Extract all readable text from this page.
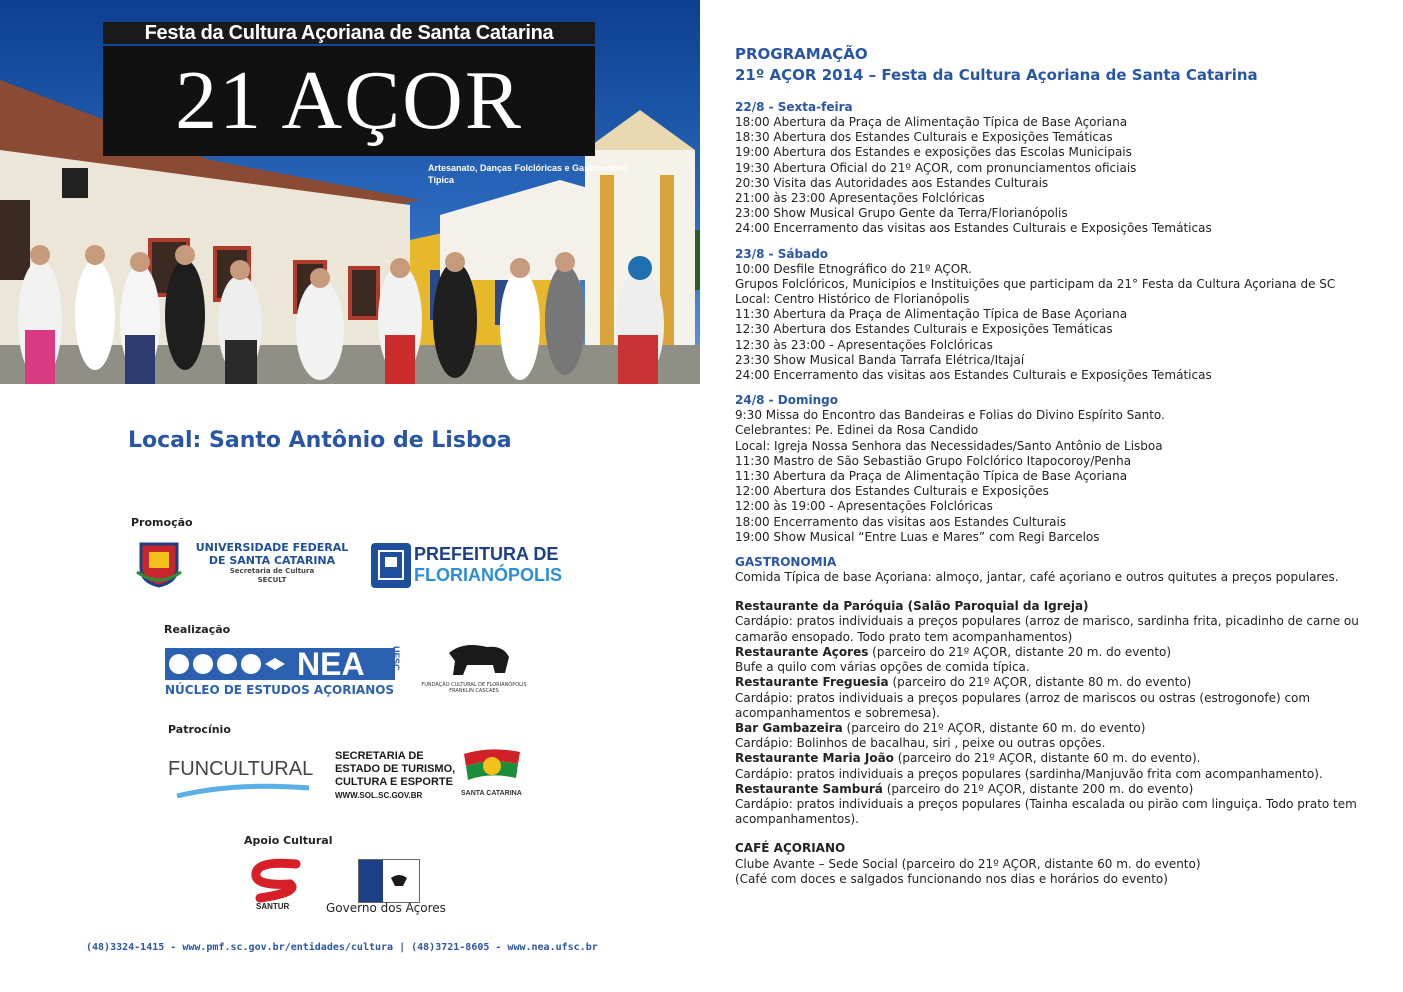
Festa da Cultura Açoriana de Santa Catarina
21 AÇOR
Artesanato, Danças Folclóricas e Gastronomia Típica
Local: Santo Antônio de Lisboa
Promoção
UNIVERSIDADE FEDERAL
DE SANTA CATARINA
Secretaria de Cultura
SECULT
PREFEITURA DE
FLORIANÓPOLIS
Realização
NEA	UFSC
NÚCLEO DE ESTUDOS AÇORIANOS	FUNDAÇÃO CULTURAL DE FLORIANÓPOLIS FRANKLIN CASCAES
Patrocínio
FUNCULTURAL
SECRETARIA DE
ESTADO DE TURISMO,
CULTURA E ESPORTE
WWW.SOL.SC.GOV.BR	SANTA CATARINA
Apoio Cultural
SANTUR	Governo dos Açores
(48)3324-1415 - www.pmf.sc.gov.br/entidades/cultura | (48)3721-8605 - www.nea.ufsc.br
PROGRAMAÇÃO
21º AÇOR 2014 – Festa da Cultura Açoriana de Santa Catarina
22/8 - Sexta-feira
18:00 Abertura da Praça de Alimentação Típica de Base Açoriana
18:30 Abertura dos Estandes Culturais e Exposições Temáticas
19:00 Abertura dos Estandes e exposições das Escolas Municipais
19:30 Abertura Oficial do 21º AÇOR, com pronunciamentos oficiais
20:30 Visita das Autoridades aos Estandes Culturais
21:00 às 23:00 Apresentações Folclóricas
23:00 Show Musical Grupo Gente da Terra/Florianópolis
24:00 Encerramento das visitas aos Estandes Culturais e Exposições Temáticas
23/8 - Sábado
10:00 Desfile Etnográfico do 21º AÇOR.
Grupos Folclóricos, Municipios e Instituições que participam da 21° Festa da Cultura Açoriana de SC
Local: Centro Histórico de Florianópolis
11:30 Abertura da Praça de Alimentação Típica de Base Açoriana
12:30 Abertura dos Estandes Culturais e Exposições Temáticas
12:30 às 23:00 - Apresentações Folclóricas
23:30 Show Musical Banda Tarrafa Elétrica/Itajaí
24:00 Encerramento das visitas aos Estandes Culturais e Exposições Temáticas
24/8 - Domingo
9:30 Missa do Encontro das Bandeiras e Folias do Divino Espírito Santo.
Celebrantes: Pe. Edinei da Rosa Candido
Local: Igreja Nossa Senhora das Necessidades/Santo Antônio de Lisboa
11:30 Mastro de São Sebastião Grupo Folclórico Itapocoroy/Penha
11:30 Abertura da Praça de Alimentação Típica de Base Açoriana
12:00 Abertura dos Estandes Culturais e Exposições
12:00 às 19:00 - Apresentações Folclóricas
18:00 Encerramento das visitas aos Estandes Culturais
19:00 Show Musical “Entre Luas e Mares” com Regi Barcelos
GASTRONOMIA
Comida Típica de base Açoriana: almoço, jantar, café açoriano e outros quitutes a preços populares.
Restaurante da Paróquia (Salão Paroquial da Igreja)
Cardápio: pratos individuais a preços populares (arroz de marisco, sardinha frita, picadinho de carne ou camarão ensopado. Todo prato tem acompanhamentos)
Restaurante Açores (parceiro do 21º AÇOR, distante 20 m. do evento)
Bufe a quilo com várias opções de comida típica.
Restaurante Freguesia (parceiro do 21º AÇOR, distante 80 m. do evento)
Cardápio: pratos individuais a preços populares (arroz de mariscos ou ostras (estrogonofe) com acompanhamentos e sobremesa).
Bar Gambazeira (parceiro do 21º AÇOR, distante 60 m. do evento)
Cardápio: Bolinhos de bacalhau, siri , peixe ou outras opções.
Restaurante Maria João (parceiro do 21º AÇOR, distante 60 m. do evento).
Cardápio: pratos individuais a preços populares (sardinha/Manjuvão frita com acompanhamento).
Restaurante Samburá (parceiro do 21º AÇOR, distante 200 m. do evento)
Cardápio: pratos individuais a preços populares (Tainha escalada ou pirão com linguiça. Todo prato tem acompanhamentos).
CAFÉ AÇORIANO
Clube Avante – Sede Social (parceiro do 21º AÇOR, distante 60 m. do evento)
(Café com doces e salgados funcionando nos dias e horários do evento)
